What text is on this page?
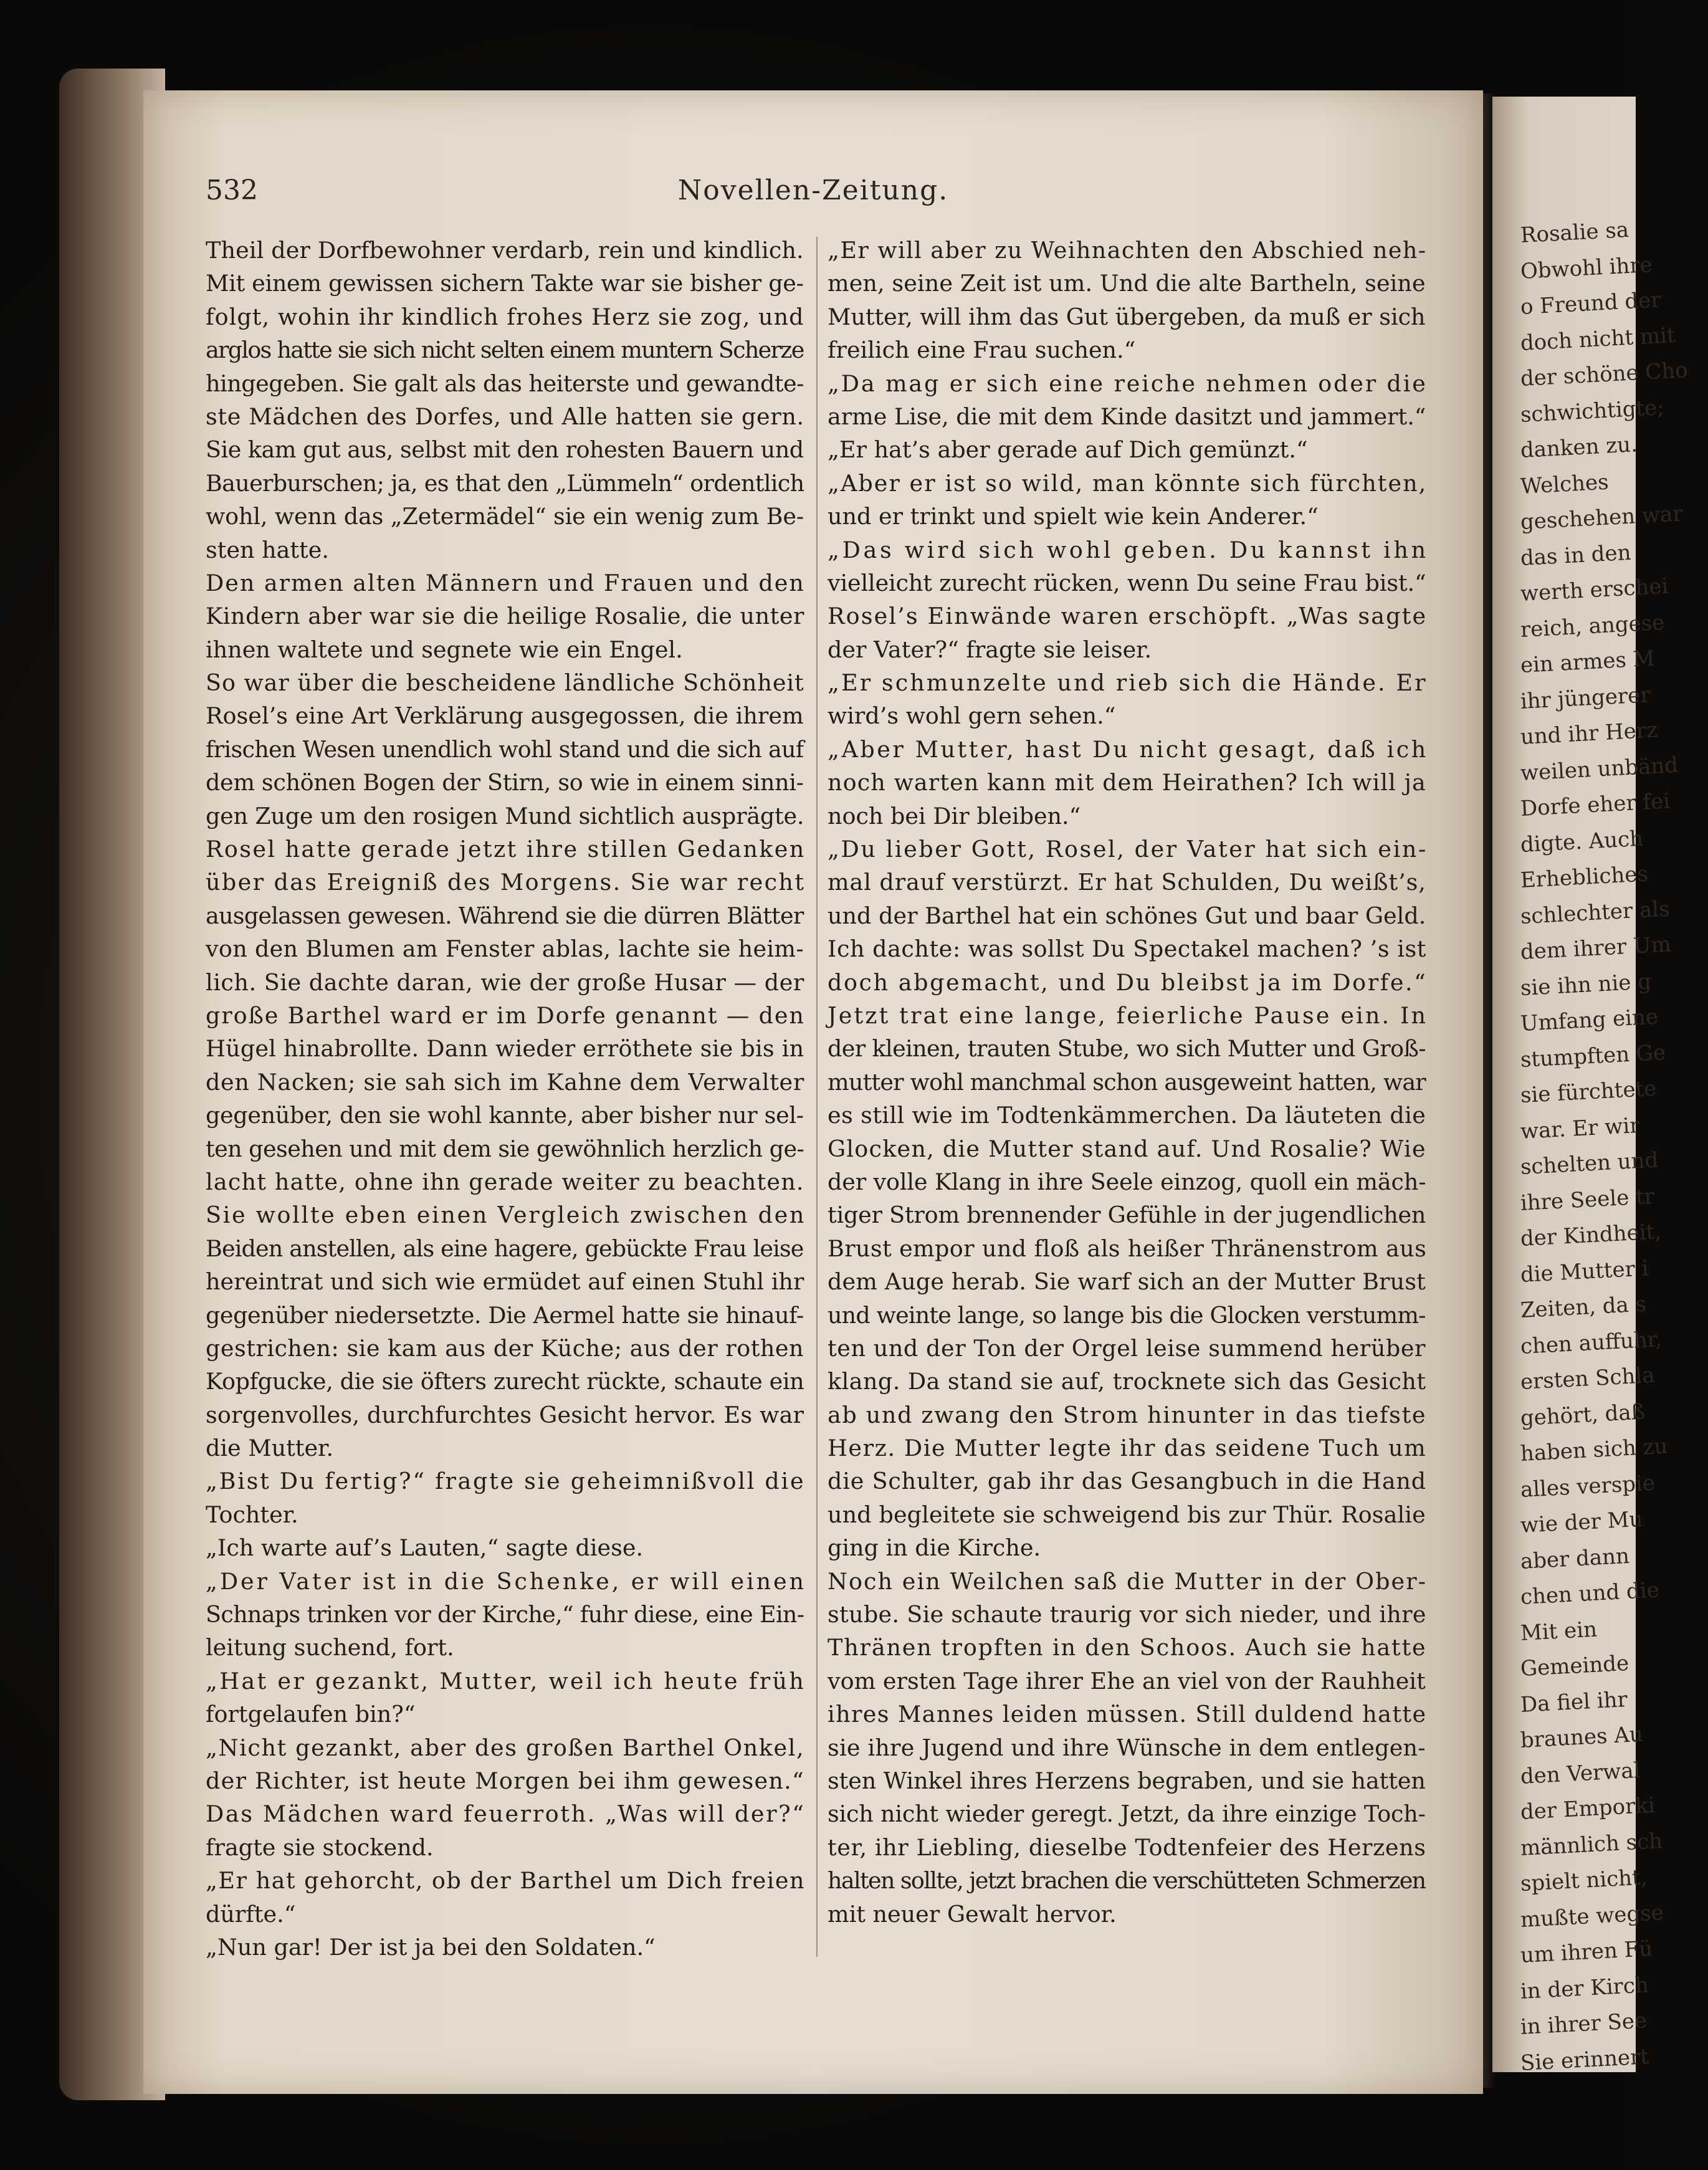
532	Novellen-Zeitung.
Theil der Dorfbewohner verdarb, rein und kindlich.
Mit einem gewissen sichern Takte war sie bisher ge-
folgt, wohin ihr kindlich frohes Herz sie zog, und
arglos hatte sie sich nicht selten einem muntern Scherze
hingegeben. Sie galt als das heiterste und gewandte-
ste Mädchen des Dorfes, und Alle hatten sie gern.
Sie kam gut aus, selbst mit den rohesten Bauern und
Bauerburschen; ja, es that den „Lümmeln“ ordentlich
wohl, wenn das „Zetermädel“ sie ein wenig zum Be-
sten hatte.
Den armen alten Männern und Frauen und den
Kindern aber war sie die heilige Rosalie, die unter
ihnen waltete und segnete wie ein Engel.
So war über die bescheidene ländliche Schönheit
Rosel’s eine Art Verklärung ausgegossen, die ihrem
frischen Wesen unendlich wohl stand und die sich auf
dem schönen Bogen der Stirn, so wie in einem sinni-
gen Zuge um den rosigen Mund sichtlich ausprägte.
Rosel hatte gerade jetzt ihre stillen Gedanken
über das Ereigniß des Morgens. Sie war recht
ausgelassen gewesen. Während sie die dürren Blätter
von den Blumen am Fenster ablas, lachte sie heim-
lich. Sie dachte daran, wie der große Husar — der
große Barthel ward er im Dorfe genannt — den
Hügel hinabrollte. Dann wieder erröthete sie bis in
den Nacken; sie sah sich im Kahne dem Verwalter
gegenüber, den sie wohl kannte, aber bisher nur sel-
ten gesehen und mit dem sie gewöhnlich herzlich ge-
lacht hatte, ohne ihn gerade weiter zu beachten.
Sie wollte eben einen Vergleich zwischen den
Beiden anstellen, als eine hagere, gebückte Frau leise
hereintrat und sich wie ermüdet auf einen Stuhl ihr
gegenüber niedersetzte. Die Aermel hatte sie hinauf-
gestrichen: sie kam aus der Küche; aus der rothen
Kopfgucke, die sie öfters zurecht rückte, schaute ein
sorgenvolles, durchfurchtes Gesicht hervor. Es war
die Mutter.
„Bist Du fertig?“ fragte sie geheimnißvoll die
Tochter.
„Ich warte auf’s Lauten,“ sagte diese.
„Der Vater ist in die Schenke, er will einen
Schnaps trinken vor der Kirche,“ fuhr diese, eine Ein-
leitung suchend, fort.
„Hat er gezankt, Mutter, weil ich heute früh
fortgelaufen bin?“
„Nicht gezankt, aber des großen Barthel Onkel,
der Richter, ist heute Morgen bei ihm gewesen.“
Das Mädchen ward feuerroth. „Was will der?“
fragte sie stockend.
„Er hat gehorcht, ob der Barthel um Dich freien
dürfte.“
„Nun gar! Der ist ja bei den Soldaten.“
„Er will aber zu Weihnachten den Abschied neh-
men, seine Zeit ist um. Und die alte Bartheln, seine
Mutter, will ihm das Gut übergeben, da muß er sich
freilich eine Frau suchen.“
„Da mag er sich eine reiche nehmen oder die
arme Lise, die mit dem Kinde dasitzt und jammert.“
„Er hat’s aber gerade auf Dich gemünzt.“
„Aber er ist so wild, man könnte sich fürchten,
und er trinkt und spielt wie kein Anderer.“
„Das wird sich wohl geben. Du kannst ihn
vielleicht zurecht rücken, wenn Du seine Frau bist.“
Rosel’s Einwände waren erschöpft. „Was sagte
der Vater?“ fragte sie leiser.
„Er schmunzelte und rieb sich die Hände. Er
wird’s wohl gern sehen.“
„Aber Mutter, hast Du nicht gesagt, daß ich
noch warten kann mit dem Heirathen? Ich will ja
noch bei Dir bleiben.“
„Du lieber Gott, Rosel, der Vater hat sich ein-
mal drauf verstürzt. Er hat Schulden, Du weißt’s,
und der Barthel hat ein schönes Gut und baar Geld.
Ich dachte: was sollst Du Spectakel machen? ’s ist
doch abgemacht, und Du bleibst ja im Dorfe.“
Jetzt trat eine lange, feierliche Pause ein. In
der kleinen, trauten Stube, wo sich Mutter und Groß-
mutter wohl manchmal schon ausgeweint hatten, war
es still wie im Todtenkämmerchen. Da läuteten die
Glocken, die Mutter stand auf. Und Rosalie? Wie
der volle Klang in ihre Seele einzog, quoll ein mäch-
tiger Strom brennender Gefühle in der jugendlichen
Brust empor und floß als heißer Thränenstrom aus
dem Auge herab. Sie warf sich an der Mutter Brust
und weinte lange, so lange bis die Glocken verstumm-
ten und der Ton der Orgel leise summend herüber
klang. Da stand sie auf, trocknete sich das Gesicht
ab und zwang den Strom hinunter in das tiefste
Herz. Die Mutter legte ihr das seidene Tuch um
die Schulter, gab ihr das Gesangbuch in die Hand
und begleitete sie schweigend bis zur Thür. Rosalie
ging in die Kirche.
Noch ein Weilchen saß die Mutter in der Ober-
stube. Sie schaute traurig vor sich nieder, und ihre
Thränen tropften in den Schoos. Auch sie hatte
vom ersten Tage ihrer Ehe an viel von der Rauhheit
ihres Mannes leiden müssen. Still duldend hatte
sie ihre Jugend und ihre Wünsche in dem entlegen-
sten Winkel ihres Herzens begraben, und sie hatten
sich nicht wieder geregt. Jetzt, da ihre einzige Toch-
ter, ihr Liebling, dieselbe Todtenfeier des Herzens
halten sollte, jetzt brachen die verschütteten Schmerzen
mit neuer Gewalt hervor.
Rosalie sa
Obwohl ihre
o Freund der
doch nicht mit
der schöne Cho
schwichtigte;
danken zu.
Welches
geschehen war
das in den
werth erschei
reich, angese
ein armes M
ihr jüngerer
und ihr Herz
weilen unbänd
Dorfe eher fei
digte. Auch
Erhebliches
schlechter als
dem ihrer Um
sie ihn nie g
Umfang eine
stumpften Ge
sie fürchtete
war. Er wir
schelten und
ihre Seele tr
der Kindheit,
die Mutter i
Zeiten, da s
chen auffuhr,
ersten Schla
gehört, daß
haben sich zu
alles verspie
wie der Mu
aber dann
chen und die
Mit ein
Gemeinde
Da fiel ihr
braunes Au
den Verwal
der Emporki
männlich sch
spielt nicht,
mußte wegse
um ihren Fü
in der Kirch
in ihrer See
Sie erinnert
